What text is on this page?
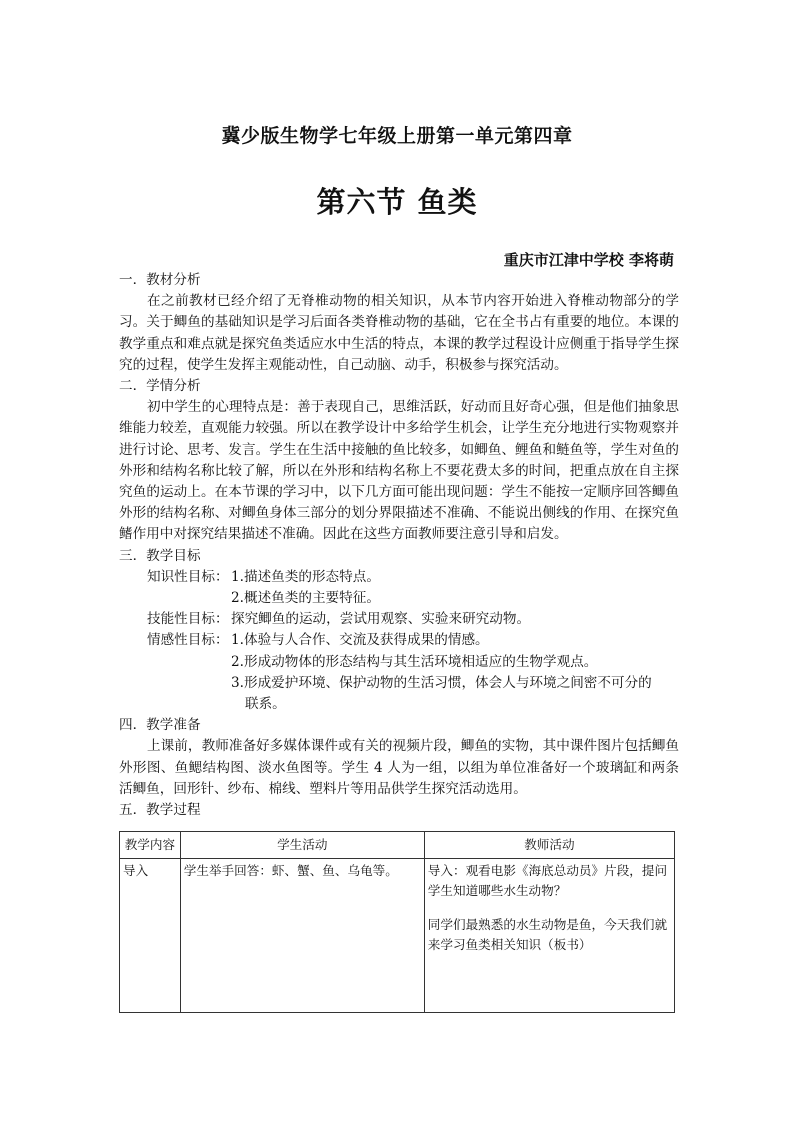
冀少版生物学七年级上册第一单元第四章
第六节 鱼类
重庆市江津中学校 李将萌

一．教材分析

在之前教材已经介绍了无脊椎动物的相关知识，从本节内容开始进入脊椎动物部分的学习。关于鲫鱼的基础知识是学习后面各类脊椎动物的基础，它在全书占有重要的地位。本课的教学重点和难点就是探究鱼类适应水中生活的特点，本课的教学过程设计应侧重于指导学生探究的过程，使学生发挥主观能动性，自己动脑、动手，积极参与探究活动。

二．学情分析

初中学生的心理特点是：善于表现自己，思维活跃，好动而且好奇心强，但是他们抽象思维能力较差，直观能力较强。所以在教学设计中多给学生机会，让学生充分地进行实物观察并进行讨论、思考、发言。学生在生活中接触的鱼比较多，如鲫鱼、鲤鱼和鲢鱼等，学生对鱼的外形和结构名称比较了解，所以在外形和结构名称上不要花费太多的时间，把重点放在自主探究鱼的运动上。在本节课的学习中，以下几方面可能出现问题：学生不能按一定顺序回答鲫鱼外形的结构名称、对鲫鱼身体三部分的划分界限描述不准确、不能说出侧线的作用、在探究鱼鳍作用中对探究结果描述不准确。因此在这些方面教师要注意引导和启发。

三．教学目标

知识性目标： 1.描述鱼类的形态特点。

2.概述鱼类的主要特征。

技能性目标： 探究鲫鱼的运动，尝试用观察、实验来研究动物。
情感性目标： 1.体验与人合作、交流及获得成果的情感。

2.形成动物体的形态结构与其生活环境相适应的生物学观点。

3.形成爱护环境、保护动物的生活习惯，体会人与环境之间密不可分的

联系。

四．教学准备

上课前，教师准备好多媒体课件或有关的视频片段，鲫鱼的实物，其中课件图片包括鲫鱼外形图、鱼鳃结构图、淡水鱼图等。学生 4 人为一组，以组为单位准备好一个玻璃缸和两条活鲫鱼，回形针、纱布、棉线、塑料片等用品供学生探究活动选用。

五．教学过程

教学内容	学生活动	教师活动
导入	学生举手回答：虾、蟹、鱼、乌龟等。	导入：观看电影《海底总动员》片段，提问学生知道哪些水生动物？

同学们最熟悉的水生动物是鱼，今天我们就来学习鱼类相关知识（板书）
